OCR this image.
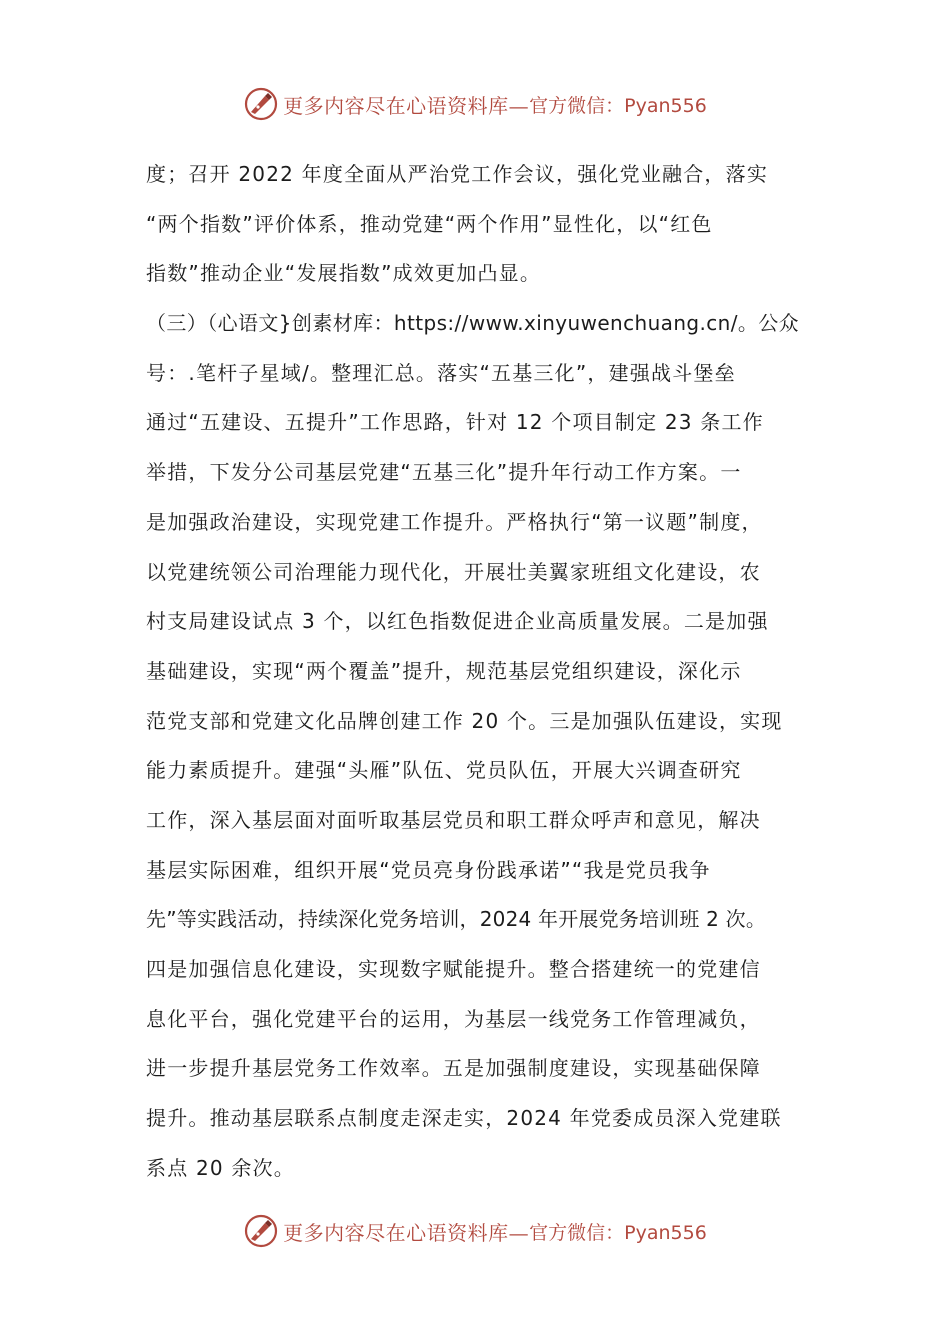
更多内容尽在心语资料库— 官方微信：Pyan556
度；召开 2022 年度全面从严治党工作会议，强化党业融合，落实
“两个指数”评价体系，推动党建“两个作用”显性化，以“红色
指数”推动企业“发展指数”成效更加凸显。
（三）（心语文}创素材库：https://www.xinyuwenchuang.cn/。公众
号：.笔杆子星域/。整理汇总。落实“五基三化”，建强战斗堡垒
通过“五建设、五提升”工作思路，针对 12 个项目制定 23 条工作
举措，下发分公司基层党建“五基三化”提升年行动工作方案。一
是加强政治建设，实现党建工作提升。严格执行“第一议题”制度，
以党建统领公司治理能力现代化，开展壮美翼家班组文化建设，农
村支局建设试点 3 个，以红色指数促进企业高质量发展。二是加强
基础建设，实现“两个覆盖”提升，规范基层党组织建设，深化示
范党支部和党建文化品牌创建工作 20 个。三是加强队伍建设，实现
能力素质提升。建强“头雁”队伍、党员队伍，开展大兴调查研究
工作，深入基层面对面听取基层党员和职工群众呼声和意见，解决
基层实际困难，组织开展“党员亮身份践承诺”“我是党员我争
先”等实践活动，持续深化党务培训，2024 年开展党务培训班 2 次。
四是加强信息化建设，实现数字赋能提升。整合搭建统一的党建信
息化平台，强化党建平台的运用，为基层一线党务工作管理减负，
进一步提升基层党务工作效率。五是加强制度建设，实现基础保障
提升。推动基层联系点制度走深走实，2024 年党委成员深入党建联
系点 20 余次。
更多内容尽在心语资料库— 官方微信：Pyan556
